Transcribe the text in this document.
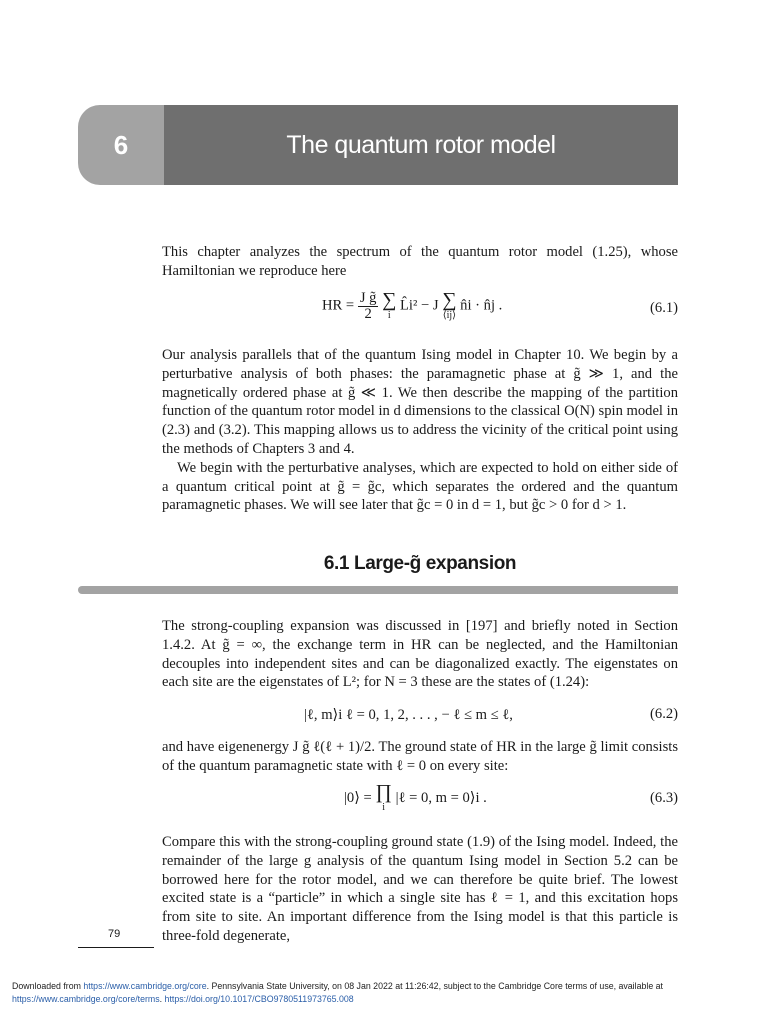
6	The quantum rotor model

This chapter analyzes the spectrum of the quantum rotor model (1.25), whose Hamiltonian we reproduce here

HR = $\frac{\text{J g̃}}{2}$
∑
i
L̂i² − J ∑
⟨ij⟩
n̂i · n̂j .	(6.1)

Our analysis parallels that of the quantum Ising model in Chapter 10. We begin by a perturbative analysis of both phases: the paramagnetic phase at g̃ ≫ 1, and the magnetically ordered phase at g̃ ≪ 1. We then describe the mapping of the partition function of the quantum rotor model in d dimensions to the classical O(N) spin model in (2.3) and (3.2). This mapping allows us to address the vicinity of the critical point using the methods of Chapters 3 and 4.

We begin with the perturbative analyses, which are expected to hold on either side of a quantum critical point at g̃ = g̃c, which separates the ordered and the quantum paramagnetic phases. We will see later that g̃c = 0 in d = 1, but g̃c > 0 for d > 1.

6.1 Large-g̃ expansion

The strong-coupling expansion was discussed in [197] and briefly noted in Section 1.4.2. At g̃ = ∞, the exchange term in HR can be neglected, and the Hamiltonian decouples into independent sites and can be diagonalized exactly. The eigenstates on each site are the eigenstates of L²; for N = 3 these are the states of (1.24):

|ℓ, m⟩i ℓ = 0, 1, 2, . . . , − ℓ ≤ m ≤ ℓ,	(6.2)

and have eigenenergy J g̃ ℓ(ℓ + 1)/2. The ground state of HR in the large g̃ limit consists of the quantum paramagnetic state with ℓ = 0 on every site:

|0⟩ = ∏
i
|ℓ = 0, m = 0⟩i .	(6.3)

Compare this with the strong-coupling ground state (1.9) of the Ising model. Indeed, the remainder of the large g analysis of the quantum Ising model in Section 5.2 can be borrowed here for the rotor model, and we can therefore be quite brief. The lowest excited state is a “particle” in which a single site has ℓ = 1, and this excitation hops from site to site. An important difference from the Ising model is that this particle is three-fold degenerate,

79
Downloaded from https://www.cambridge.org/core. Pennsylvania State University, on 08 Jan 2022 at 11:26:42, subject to the Cambridge Core terms of use, available at
https://www.cambridge.org/core/terms. https://doi.org/10.1017/CBO9780511973765.008
